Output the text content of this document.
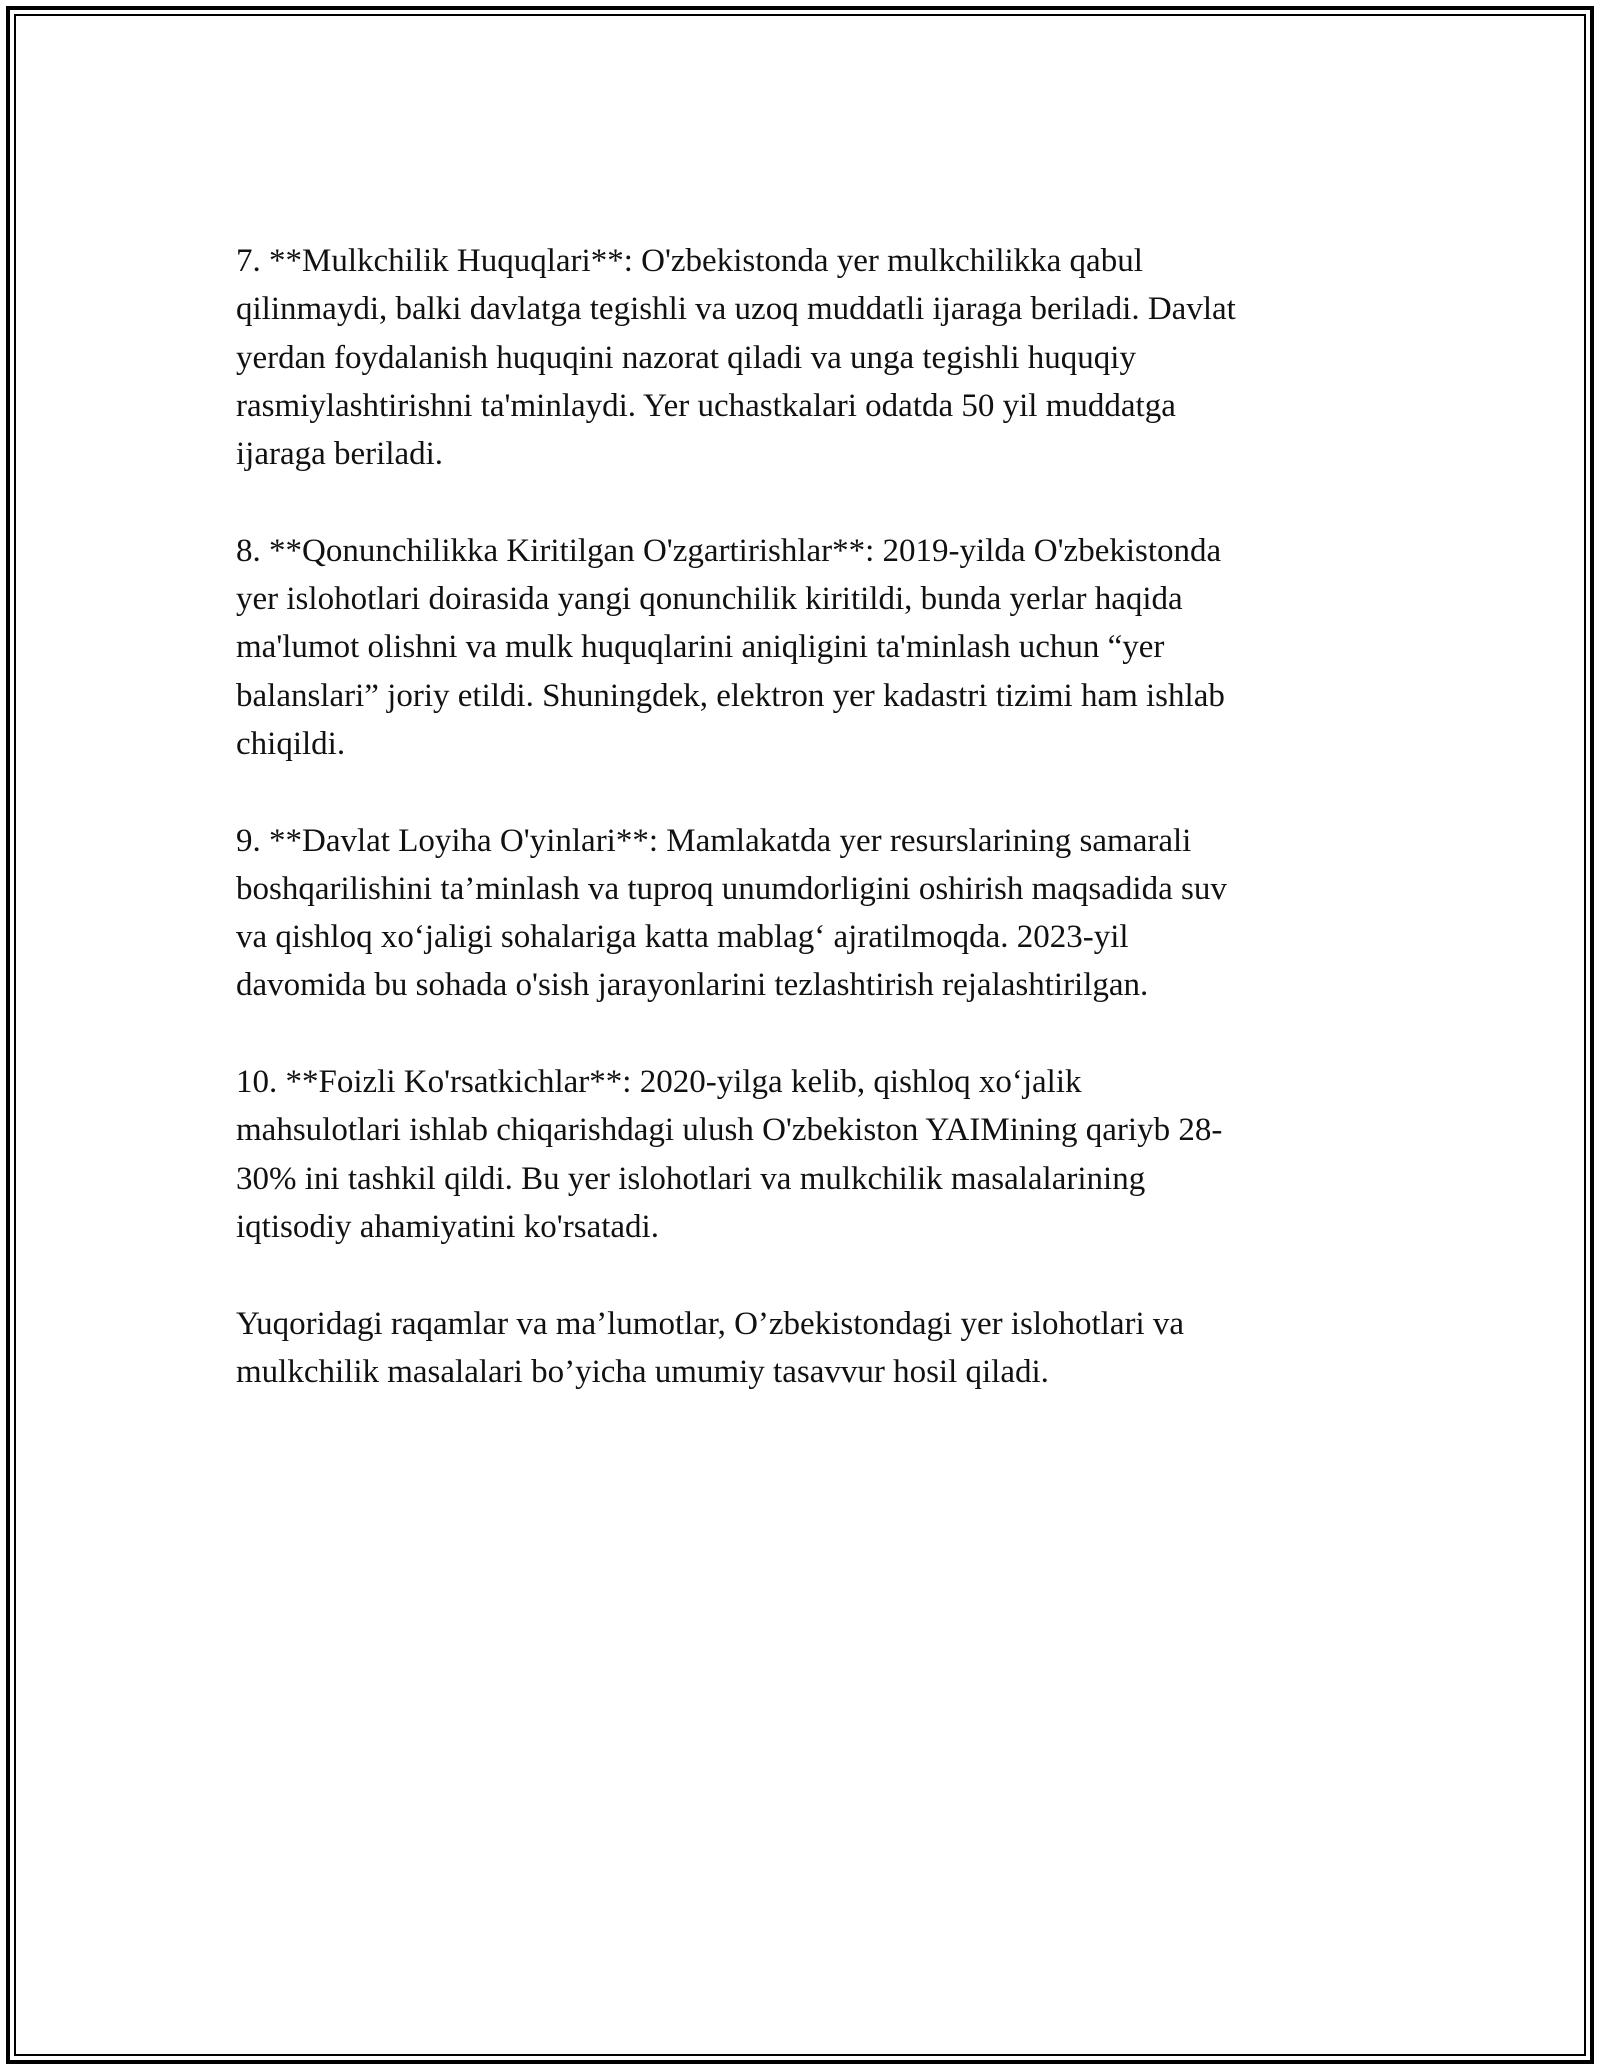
7. **Mulkchilik Huquqlari**: O'zbekistonda yer mulkchilikka qabul
qilinmaydi, balki davlatga tegishli va uzoq muddatli ijaraga beriladi. Davlat
yerdan foydalanish huquqini nazorat qiladi va unga tegishli huquqiy
rasmiylashtirishni ta'minlaydi. Yer uchastkalari odatda 50 yil muddatga
ijaraga beriladi.

8. **Qonunchilikka Kiritilgan O'zgartirishlar**: 2019-yilda O'zbekistonda
yer islohotlari doirasida yangi qonunchilik kiritildi, bunda yerlar haqida
ma'lumot olishni va mulk huquqlarini aniqligini ta'minlash uchun “yer
balanslari” joriy etildi. Shuningdek, elektron yer kadastri tizimi ham ishlab
chiqildi.

9. **Davlat Loyiha O'yinlari**: Mamlakatda yer resurslarining samarali
boshqarilishini ta’minlash va tuproq unumdorligini oshirish maqsadida suv
va qishloq xo‘jaligi sohalariga katta mablag‘ ajratilmoqda. 2023-yil
davomida bu sohada o'sish jarayonlarini tezlashtirish rejalashtirilgan.

10. **Foizli Ko'rsatkichlar**: 2020-yilga kelib, qishloq xo‘jalik
mahsulotlari ishlab chiqarishdagi ulush O'zbekiston YAIMining qariyb 28-
30% ini tashkil qildi. Bu yer islohotlari va mulkchilik masalalarining
iqtisodiy ahamiyatini ko'rsatadi.

Yuqoridagi raqamlar va ma’lumotlar, O’zbekistondagi yer islohotlari va
mulkchilik masalalari bo’yicha umumiy tasavvur hosil qiladi.
